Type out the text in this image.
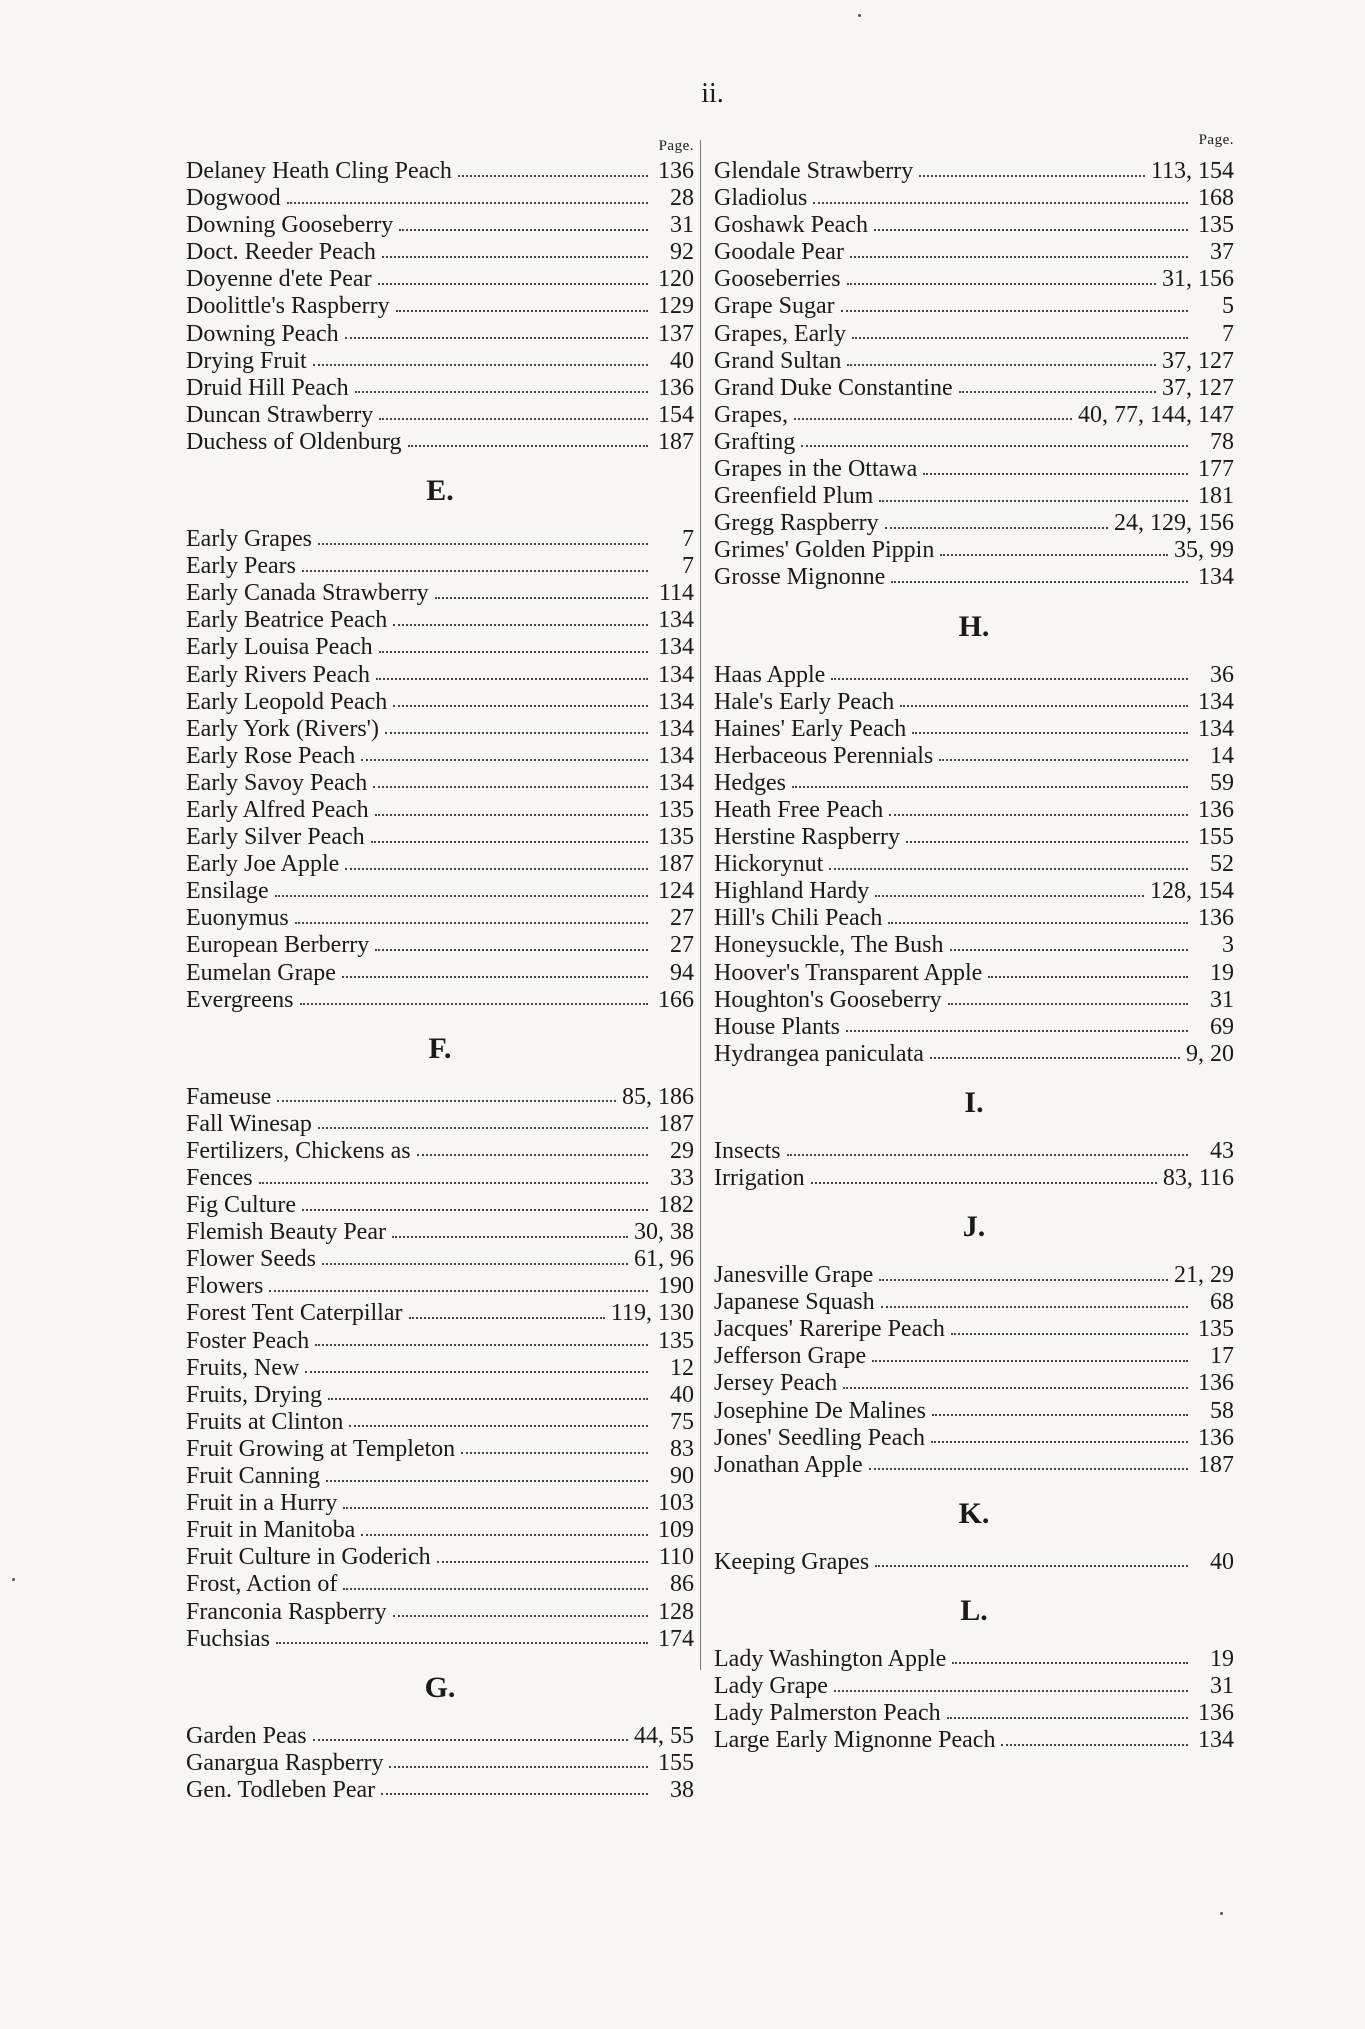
ii.
Page.
Delaney Heath Cling Peach	136
Dogwood	28
Downing Gooseberry	31
Doct. Reeder Peach	92
Doyenne d'ete Pear	120
Doolittle's Raspberry	129
Downing Peach	137
Drying Fruit	40
Druid Hill Peach	136
Duncan Strawberry	154
Duchess of Oldenburg	187
E.
Early Grapes	7
Early Pears	7
Early Canada Strawberry	114
Early Beatrice Peach	134
Early Louisa Peach	134
Early Rivers Peach	134
Early Leopold Peach	134
Early York (Rivers')	134
Early Rose Peach	134
Early Savoy Peach	134
Early Alfred Peach	135
Early Silver Peach	135
Early Joe Apple	187
Ensilage	124
Euonymus	27
European Berberry	27
Eumelan Grape	94
Evergreens	166
F.
Fameuse	85, 186
Fall Winesap	187
Fertilizers, Chickens as	29
Fences	33
Fig Culture	182
Flemish Beauty Pear	30, 38
Flower Seeds	61, 96
Flowers	190
Forest Tent Caterpillar	119, 130
Foster Peach	135
Fruits, New	12
Fruits, Drying	40
Fruits at Clinton	75
Fruit Growing at Templeton	83
Fruit Canning	90
Fruit in a Hurry	103
Fruit in Manitoba	109
Fruit Culture in Goderich	110
Frost, Action of	86
Franconia Raspberry	128
Fuchsias	174
G.
Garden Peas	44, 55
Ganargua Raspberry	155
Gen. Todleben Pear	38
Page.
Glendale Strawberry	113, 154
Gladiolus	168
Goshawk Peach	135
Goodale Pear	37
Gooseberries	31, 156
Grape Sugar	5
Grapes, Early	7
Grand Sultan	37, 127
Grand Duke Constantine	37, 127
Grapes,	40, 77, 144, 147
Grafting	78
Grapes in the Ottawa	177
Greenfield Plum	181
Gregg Raspberry	24, 129, 156
Grimes' Golden Pippin	35, 99
Grosse Mignonne	134
H.
Haas Apple	36
Hale's Early Peach	134
Haines' Early Peach	134
Herbaceous Perennials	14
Hedges	59
Heath Free Peach	136
Herstine Raspberry	155
Hickorynut	52
Highland Hardy	128, 154
Hill's Chili Peach	136
Honeysuckle, The Bush	3
Hoover's Transparent Apple	19
Houghton's Gooseberry	31
House Plants	69
Hydrangea paniculata	9, 20
I.
Insects	43
Irrigation	83, 116
J.
Janesville Grape	21, 29
Japanese Squash	68
Jacques' Rareripe Peach	135
Jefferson Grape	17
Jersey Peach	136
Josephine De Malines	58
Jones' Seedling Peach	136
Jonathan Apple	187
K.
Keeping Grapes	40
L.
Lady Washington Apple	19
Lady Grape	31
Lady Palmerston Peach	136
Large Early Mignonne Peach	134
